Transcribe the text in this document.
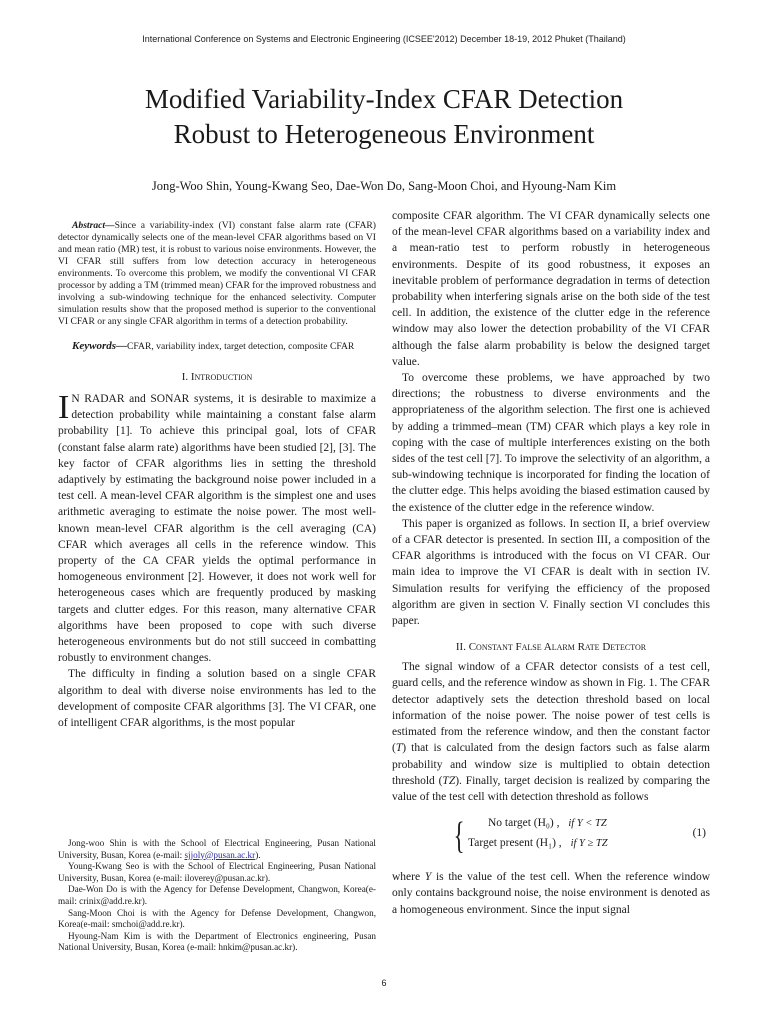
International Conference on Systems and Electronic Engineering (ICSEE'2012) December 18-19, 2012 Phuket (Thailand)
Modified Variability-Index CFAR Detection
Robust to Heterogeneous Environment

Jong-Woo Shin, Young-Kwang Seo, Dae-Won Do, Sang-Moon Choi, and Hyoung-Nam Kim

Abstract—Since a variability-index (VI) constant false alarm rate (CFAR) detector dynamically selects one of the mean-level CFAR algorithms based on VI and mean ratio (MR) test, it is robust to various noise environments. However, the VI CFAR still suffers from low detection accuracy in heterogeneous environments. To overcome this problem, we modify the conventional VI CFAR processor by adding a TM (trimmed mean) CFAR for the improved robustness and involving a sub-windowing technique for the enhanced selectivity. Computer simulation results show that the proposed method is superior to the conventional VI CFAR or any single CFAR algorithm in terms of a detection probability.

Keywords—CFAR, variability index, target detection, composite CFAR

I. Introduction

I N RADAR and SONAR systems, it is desirable to maximize a detection probability while maintaining a constant false alarm probability [1]. To achieve this principal goal, lots of CFAR (constant false alarm rate) algorithms have been studied [2], [3]. The key factor of CFAR algorithms lies in setting the threshold adaptively by estimating the background noise power included in a test cell. A mean-level CFAR algorithm is the simplest one and uses arithmetic averaging to estimate the noise power. The most well-known mean-level CFAR algorithm is the cell averaging (CA) CFAR which averages all cells in the reference window. This property of the CA CFAR yields the optimal performance in homogeneous environment [2]. However, it does not work well for heterogeneous cases which are frequently produced by masking targets and clutter edges. For this reason, many alternative CFAR algorithms have been proposed to cope with such diverse heterogeneous environments but do not still succeed in combatting robustly to environment changes.

The difficulty in finding a solution based on a single CFAR algorithm to deal with diverse noise environments has led to the development of composite CFAR algorithms [3]. The VI CFAR, one of intelligent CFAR algorithms, is the most popular

Jong-woo Shin is with the School of Electrical Engineering, Pusan National University, Busan, Korea (e-mail: sjjoly@pusan.ac.kr).

Young-Kwang Seo is with the School of Electrical Engineering, Pusan National University, Busan, Korea (e-mail: iloverey@pusan.ac.kr).

Dae-Won Do is with the Agency for Defense Development, Changwon, Korea(e-mail: crinix@add.re.kr).

Sang-Moon Choi is with the Agency for Defense Development, Changwon, Korea(e-mail: smchoi@add.re.kr).

Hyoung-Nam Kim is with the Department of Electronics engineering, Pusan National University, Busan, Korea (e-mail: hnkim@pusan.ac.kr).

composite CFAR algorithm. The VI CFAR dynamically selects one of the mean-level CFAR algorithms based on a variability index and a mean-ratio test to perform robustly in heterogeneous environments. Despite of its good robustness, it exposes an inevitable problem of performance degradation in terms of detection probability when interfering signals arise on the both side of the test cell. In addition, the existence of the clutter edge in the reference window may also lower the detection probability of the VI CFAR although the false alarm probability is below the designed target value.

To overcome these problems, we have approached by two directions; the robustness to diverse environments and the appropriateness of the algorithm selection. The first one is achieved by adding a trimmed–mean (TM) CFAR which plays a key role in coping with the case of multiple interferences existing on the both sides of the test cell [7]. To improve the selectivity of an algorithm, a sub-windowing technique is incorporated for finding the location of the clutter edge. This helps avoiding the biased estimation caused by the existence of the clutter edge in the reference window.

This paper is organized as follows. In section II, a brief overview of a CFAR detector is presented. In section III, a composition of the CFAR algorithms is introduced with the focus on VI CFAR. Our main idea to improve the VI CFAR is dealt with in section IV. Simulation results for verifying the efficiency of the proposed algorithm are given in section V. Finally section VI concludes this paper.

II. Constant False Alarm Rate Detector

The signal window of a CFAR detector consists of a test cell, guard cells, and the reference window as shown in Fig. 1. The CFAR detector adaptively sets the detection threshold based on local information of the noise power. The noise power of test cells is estimated from the reference window, and then the constant factor (T) that is calculated from the design factors such as false alarm probability and window size is multiplied to obtain detection threshold (TZ). Finally, target decision is realized by comparing the value of the test cell with detection threshold as follows

{ No target (H₀) , if Y < TZ
Target present (H₁) , if Y ≥ TZ
(1)

where Y is the value of the test cell. When the reference window only contains background noise, the noise environment is denoted as a homogeneous environment. Since the input signal

6
